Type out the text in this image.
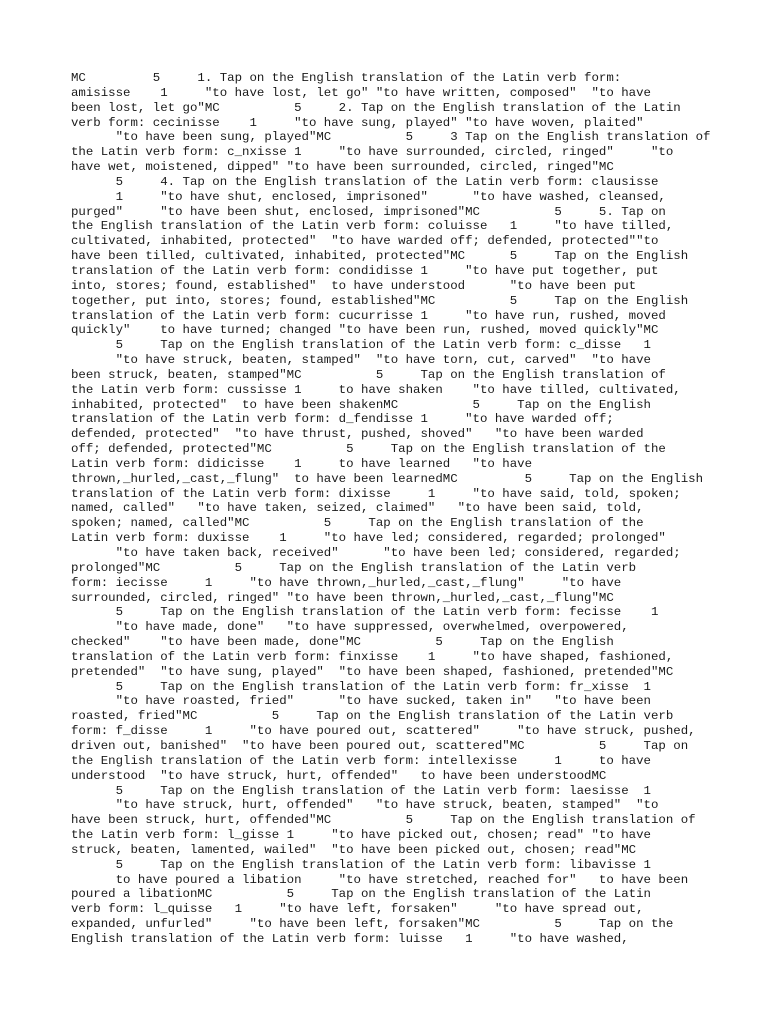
MC         5     1. Tap on the English translation of the Latin verb form:
amisisse    1     "to have lost, let go" "to have written, composed"  "to have
been lost, let go"MC          5     2. Tap on the English translation of the Latin
verb form: cecinisse    1     "to have sung, played" "to have woven, plaited"
"to have been sung, played"MC          5     3 Tap on the English translation of
the Latin verb form: c_nxisse 1     "to have surrounded, circled, ringed"     "to
have wet, moistened, dipped" "to have been surrounded, circled, ringed"MC
5     4. Tap on the English translation of the Latin verb form: clausisse
1     "to have shut, enclosed, imprisoned"      "to have washed, cleansed,
purged"     "to have been shut, enclosed, imprisoned"MC          5     5. Tap on
the English translation of the Latin verb form: coluisse   1     "to have tilled,
cultivated, inhabited, protected"  "to have warded off; defended, protected""to
have been tilled, cultivated, inhabited, protected"MC      5     Tap on the English
translation of the Latin verb form: condidisse 1     "to have put together, put
into, stores; found, established"  to have understood      "to have been put
together, put into, stores; found, established"MC          5     Tap on the English
translation of the Latin verb form: cucurrisse 1     "to have run, rushed, moved
quickly"    to have turned; changed "to have been run, rushed, moved quickly"MC
5     Tap on the English translation of the Latin verb form: c_disse   1
"to have struck, beaten, stamped"  "to have torn, cut, carved"  "to have
been struck, beaten, stamped"MC          5     Tap on the English translation of
the Latin verb form: cussisse 1     to have shaken    "to have tilled, cultivated,
inhabited, protected"  to have been shakenMC          5     Tap on the English
translation of the Latin verb form: d_fendisse 1     "to have warded off;
defended, protected"  "to have thrust, pushed, shoved"   "to have been warded
off; defended, protected"MC          5     Tap on the English translation of the
Latin verb form: didicisse    1     to have learned   "to have
thrown,_hurled,_cast,_flung"  to have been learnedMC         5     Tap on the English
translation of the Latin verb form: dixisse     1     "to have said, told, spoken;
named, called"   "to have taken, seized, claimed"   "to have been said, told,
spoken; named, called"MC          5     Tap on the English translation of the
Latin verb form: duxisse    1     "to have led; considered, regarded; prolonged"
"to have taken back, received"      "to have been led; considered, regarded;
prolonged"MC          5     Tap on the English translation of the Latin verb
form: iecisse     1     "to have thrown,_hurled,_cast,_flung"     "to have
surrounded, circled, ringed" "to have been thrown,_hurled,_cast,_flung"MC
5     Tap on the English translation of the Latin verb form: fecisse    1
"to have made, done"   "to have suppressed, overwhelmed, overpowered,
checked"    "to have been made, done"MC          5     Tap on the English
translation of the Latin verb form: finxisse    1     "to have shaped, fashioned,
pretended"  "to have sung, played"  "to have been shaped, fashioned, pretended"MC
5     Tap on the English translation of the Latin verb form: fr_xisse  1
"to have roasted, fried"      "to have sucked, taken in"   "to have been
roasted, fried"MC          5     Tap on the English translation of the Latin verb
form: f_disse     1     "to have poured out, scattered"     "to have struck, pushed,
driven out, banished"  "to have been poured out, scattered"MC          5     Tap on
the English translation of the Latin verb form: intellexisse     1     to have
understood  "to have struck, hurt, offended"   to have been understoodMC
5     Tap on the English translation of the Latin verb form: laesisse  1
"to have struck, hurt, offended"   "to have struck, beaten, stamped"  "to
have been struck, hurt, offended"MC          5     Tap on the English translation of
the Latin verb form: l_gisse 1     "to have picked out, chosen; read" "to have
struck, beaten, lamented, wailed"  "to have been picked out, chosen; read"MC
5     Tap on the English translation of the Latin verb form: libavisse 1
to have poured a libation     "to have stretched, reached for"   to have been
poured a libationMC          5     Tap on the English translation of the Latin
verb form: l_quisse   1     "to have left, forsaken"     "to have spread out,
expanded, unfurled"     "to have been left, forsaken"MC          5     Tap on the
English translation of the Latin verb form: luisse   1     "to have washed,
